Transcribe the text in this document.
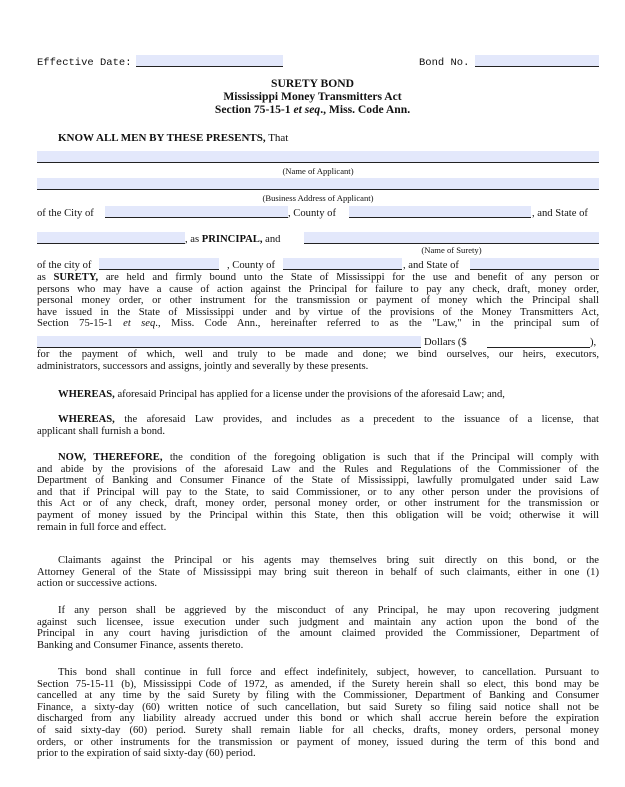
Effective Date:	Bond No.
SURETY BOND
Mississippi Money Transmitters Act
Section 75-15-1 et seq., Miss. Code Ann.
KNOW ALL MEN BY THESE PRESENTS, That
(Name of Applicant)
(Business Address of Applicant)
of the City of	, County of	, and State of
, as PRINCIPAL, and
(Name of Surety)
of the city of	, County of	, and State of
as SURETY, are held and firmly bound unto the State of Mississippi for the use and benefit of any person or
persons who may have a cause of action against the Principal for failure to pay any check, draft, money order,
personal money order, or other instrument for the transmission or payment of money which the Principal shall
have issued in the State of Mississippi under and by virtue of the provisions of the Money Transmitters Act,
Section 75-15-1 et seq., Miss. Code Ann., hereinafter referred to as the "Law," in the principal sum of
Dollars ($	),
for the payment of which, well and truly to be made and done; we bind ourselves, our heirs, executors,
administrators, successors and assigns, jointly and severally by these presents.
WHEREAS, aforesaid Principal has applied for a license under the provisions of the aforesaid Law; and,
WHEREAS, the aforesaid Law provides, and includes as a precedent to the issuance of a license, that
applicant shall furnish a bond.
NOW, THEREFORE, the condition of the foregoing obligation is such that if the Principal will comply with
and abide by the provisions of the aforesaid Law and the Rules and Regulations of the Commissioner of the
Department of Banking and Consumer Finance of the State of Mississippi, lawfully promulgated under said Law
and that if Principal will pay to the State, to said Commissioner, or to any other person under the provisions of
this Act or of any check, draft, money order, personal money order, or other instrument for the transmission or
payment of money issued by the Principal within this State, then this obligation will be void; otherwise it will
remain in full force and effect.
Claimants against the Principal or his agents may themselves bring suit directly on this bond, or the
Attorney General of the State of Mississippi may bring suit thereon in behalf of such claimants, either in one (1)
action or successive actions.
If any person shall be aggrieved by the misconduct of any Principal, he may upon recovering judgment
against such licensee, issue execution under such judgment and maintain any action upon the bond of the
Principal in any court having jurisdiction of the amount claimed provided the Commissioner, Department of
Banking and Consumer Finance, assents thereto.
This bond shall continue in full force and effect indefinitely, subject, however, to cancellation. Pursuant to
Section 75-15-11 (b), Mississippi Code of 1972, as amended, if the Surety herein shall so elect, this bond may be
cancelled at any time by the said Surety by filing with the Commissioner, Department of Banking and Consumer
Finance, a sixty-day (60) written notice of such cancellation, but said Surety so filing said notice shall not be
discharged from any liability already accrued under this bond or which shall accrue herein before the expiration
of said sixty-day (60) period. Surety shall remain liable for all checks, drafts, money orders, personal money
orders, or other instruments for the transmission or payment of money, issued during the term of this bond and
prior to the expiration of said sixty-day (60) period.
